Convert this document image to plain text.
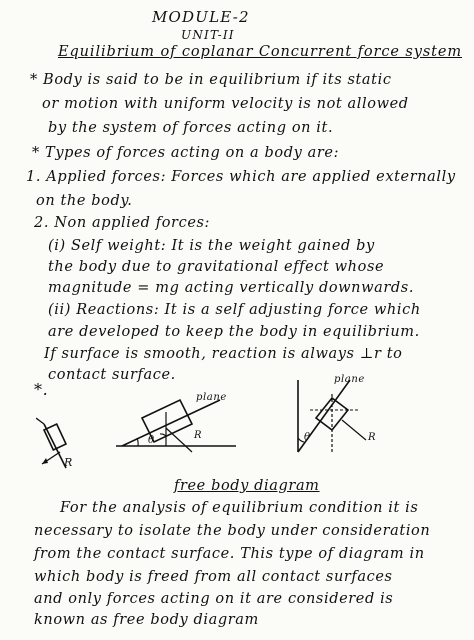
MODULE-2
UNIT-II
Equilibrium of coplanar Concurrent force system
* Body is said to be in equilibrium if its static
or motion with uniform velocity is not allowed
by the system of forces acting on it.
* Types of forces acting on a body are:
1. Applied forces: Forces which are applied externally
on the body.
2. Non applied forces:
(i) Self weight: It is the weight gained by
the body due to gravitational effect whose
magnitude = mg acting vertically downwards.
(ii) Reactions: It is a self adjusting force which
are developed to keep the body in equilibrium.
If surface is smooth, reaction is always ⊥r to
contact surface.
*.
R
plane
θ	R
plane
θ	R
free body diagram
For the analysis of equilibrium condition it is
necessary to isolate the body under consideration
from the contact surface. This type of diagram in
which body is freed from all contact surfaces
and only forces acting on it are considered is
known as free body diagram
